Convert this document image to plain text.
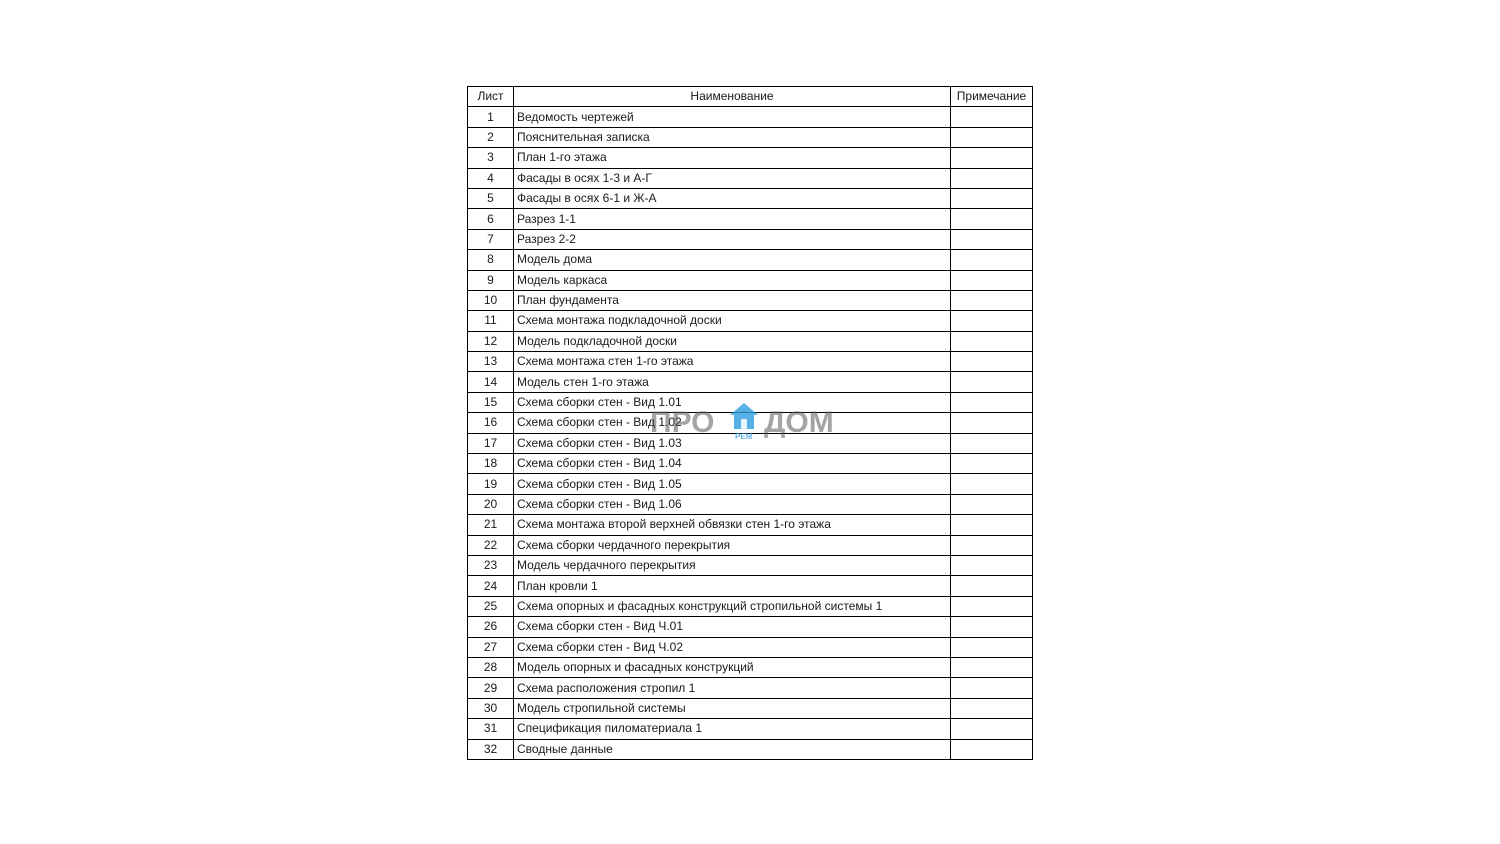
Лист	Наименование	Примечание
1	Ведомость чертежей	
2	Пояснительная записка	
3	План 1-го этажа	
4	Фасады в осях 1-3 и А-Г	
5	Фасады в осях 6-1 и Ж-А	
6	Разрез 1-1	
7	Разрез 2-2	
8	Модель дома	
9	Модель каркаса	
10	План фундамента	
11	Схема монтажа подкладочной доски	
12	Модель подкладочной доски	
13	Схема монтажа стен 1-го этажа	
14	Модель стен 1-го этажа	
15	Схема сборки стен - Вид 1.01	
16	Схема сборки стен - Вид 1.02	
17	Схема сборки стен - Вид 1.03	
18	Схема сборки стен - Вид 1.04	
19	Схема сборки стен - Вид 1.05	
20	Схема сборки стен - Вид 1.06	
21	Схема монтажа второй верхней обвязки стен 1-го этажа	
22	Схема сборки чердачного перекрытия	
23	Модель чердачного перекрытия	
24	План кровли 1	
25	Схема опорных и фасадных конструкций стропильной системы 1	
26	Схема сборки стен - Вид Ч.01	
27	Схема сборки стен - Вид Ч.02	
28	Модель опорных и фасадных конструкций	
29	Схема расположения стропил 1	
30	Модель стропильной системы	
31	Спецификация пиломатериала 1	
32	Сводные данные	
ПРО	РЕМ ДОМ
